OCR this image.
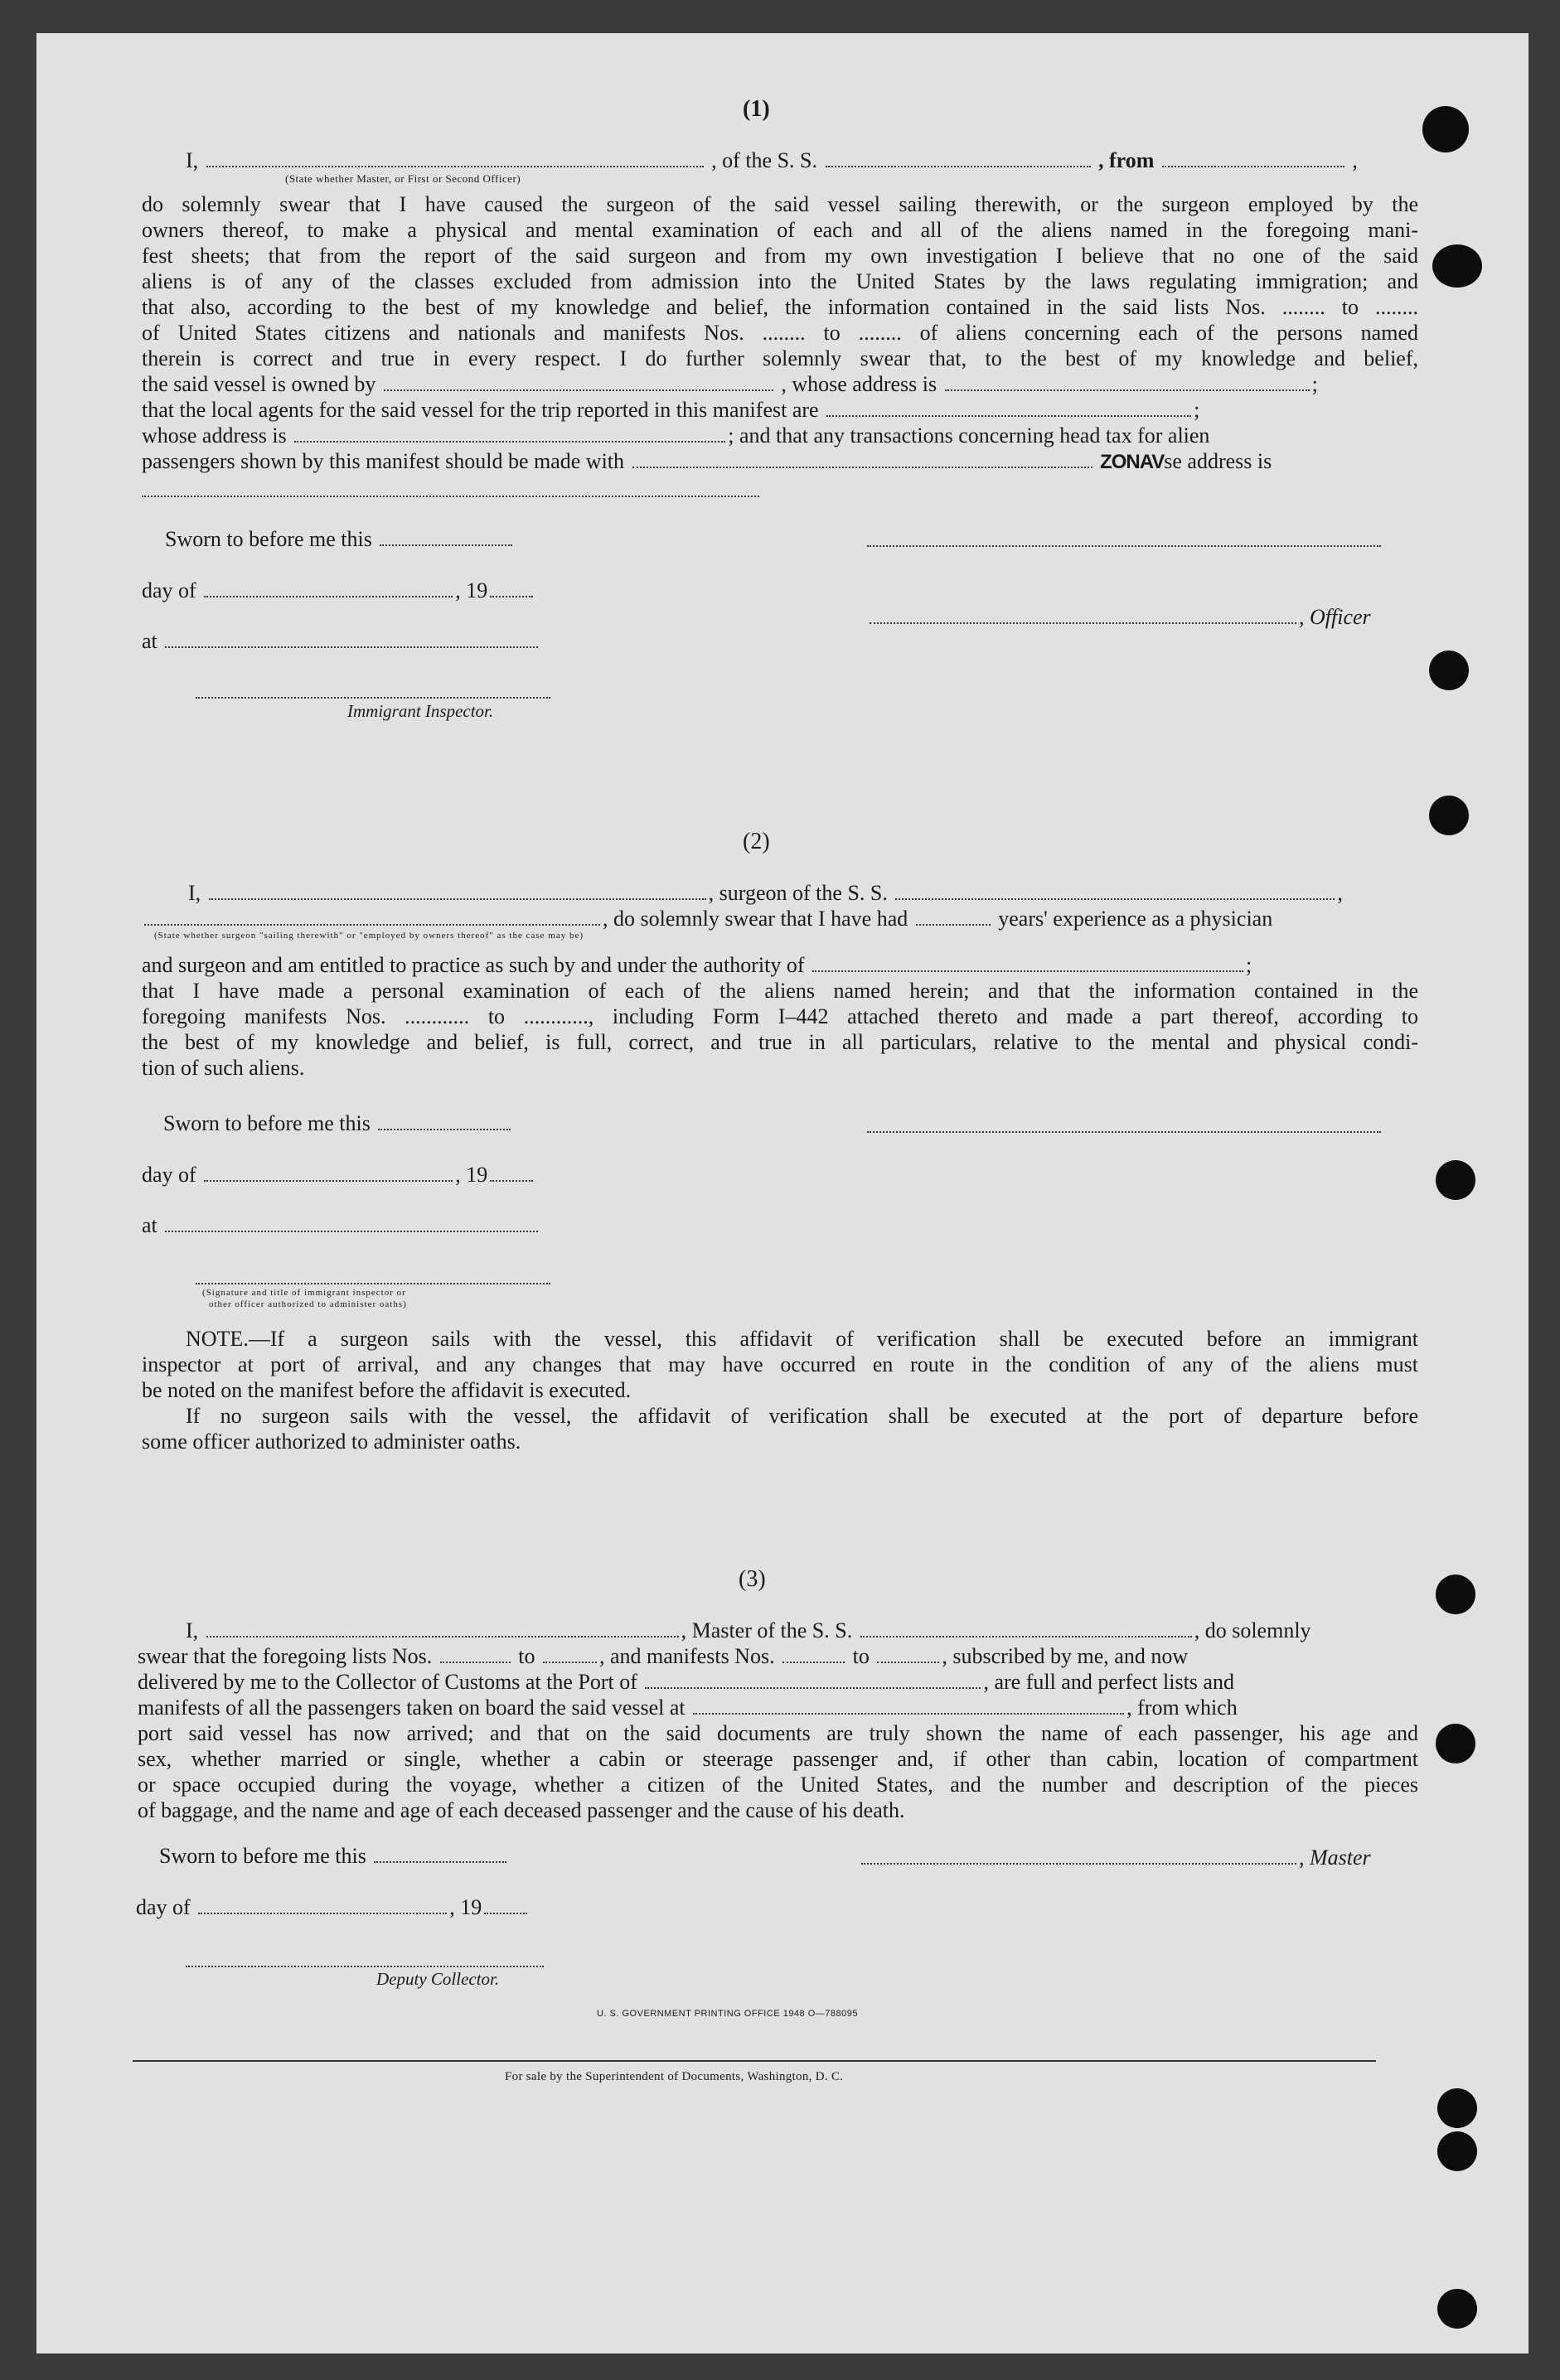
(1)
I,	, of the S. S.	, from	,
(State whether Master, or First or Second Officer)
do solemnly swear that I have caused the surgeon of the said vessel sailing therewith, or the surgeon employed by the
owners thereof, to make a physical and mental examination of each and all of the aliens named in the foregoing mani-
fest sheets; that from the report of the said surgeon and from my own investigation I believe that no one of the said
aliens is of any of the classes excluded from admission into the United States by the laws regulating immigration; and
that also, according to the best of my knowledge and belief, the information contained in the said lists Nos. ........ to ........
of United States citizens and nationals and manifests Nos. ........ to ........ of aliens concerning each of the persons named
therein is correct and true in every respect. I do further solemnly swear that, to the best of my knowledge and belief,
the said vessel is owned by	, whose address is	;
that the local agents for the said vessel for the trip reported in this manifest are	;
whose address is	; and that any transactions concerning head tax for alien
passengers shown by this manifest should be made with	ZONAVse address is
Sworn to before me this
day of	, 19
, Officer
at
Immigrant Inspector.
(2)
I,	, surgeon of the S. S.	,
, do solemnly swear that I have had	years' experience as a physician
(State whether surgeon "sailing therewith" or "employed by owners thereof" as the case may be)
and surgeon and am entitled to practice as such by and under the authority of	;
that I have made a personal examination of each of the aliens named herein; and that the information contained in the
foregoing manifests Nos. ............ to ............, including Form I–442 attached thereto and made a part thereof, according to
the best of my knowledge and belief, is full, correct, and true in all particulars, relative to the mental and physical condi-
tion of such aliens.
Sworn to before me this
day of	, 19
at
(Signature and title of immigrant inspector or
other officer authorized to administer oaths)
NOTE.—If a surgeon sails with the vessel, this affidavit of verification shall be executed before an immigrant
inspector at port of arrival, and any changes that may have occurred en route in the condition of any of the aliens must
be noted on the manifest before the affidavit is executed.
If no surgeon sails with the vessel, the affidavit of verification shall be executed at the port of departure before
some officer authorized to administer oaths.
(3)
I,	, Master of the S. S.	, do solemnly
swear that the foregoing lists Nos.	to	, and manifests Nos.	to	, subscribed by me, and now
delivered by me to the Collector of Customs at the Port of	, are full and perfect lists and
manifests of all the passengers taken on board the said vessel at	, from which
port said vessel has now arrived; and that on the said documents are truly shown the name of each passenger, his age and
sex, whether married or single, whether a cabin or steerage passenger and, if other than cabin, location of compartment
or space occupied during the voyage, whether a citizen of the United States, and the number and description of the pieces
of baggage, and the name and age of each deceased passenger and the cause of his death.
Sworn to before me this	, Master
day of	, 19
Deputy Collector.
U. S. GOVERNMENT PRINTING OFFICE 1948 O—788095
For sale by the Superintendent of Documents, Washington, D. C.
